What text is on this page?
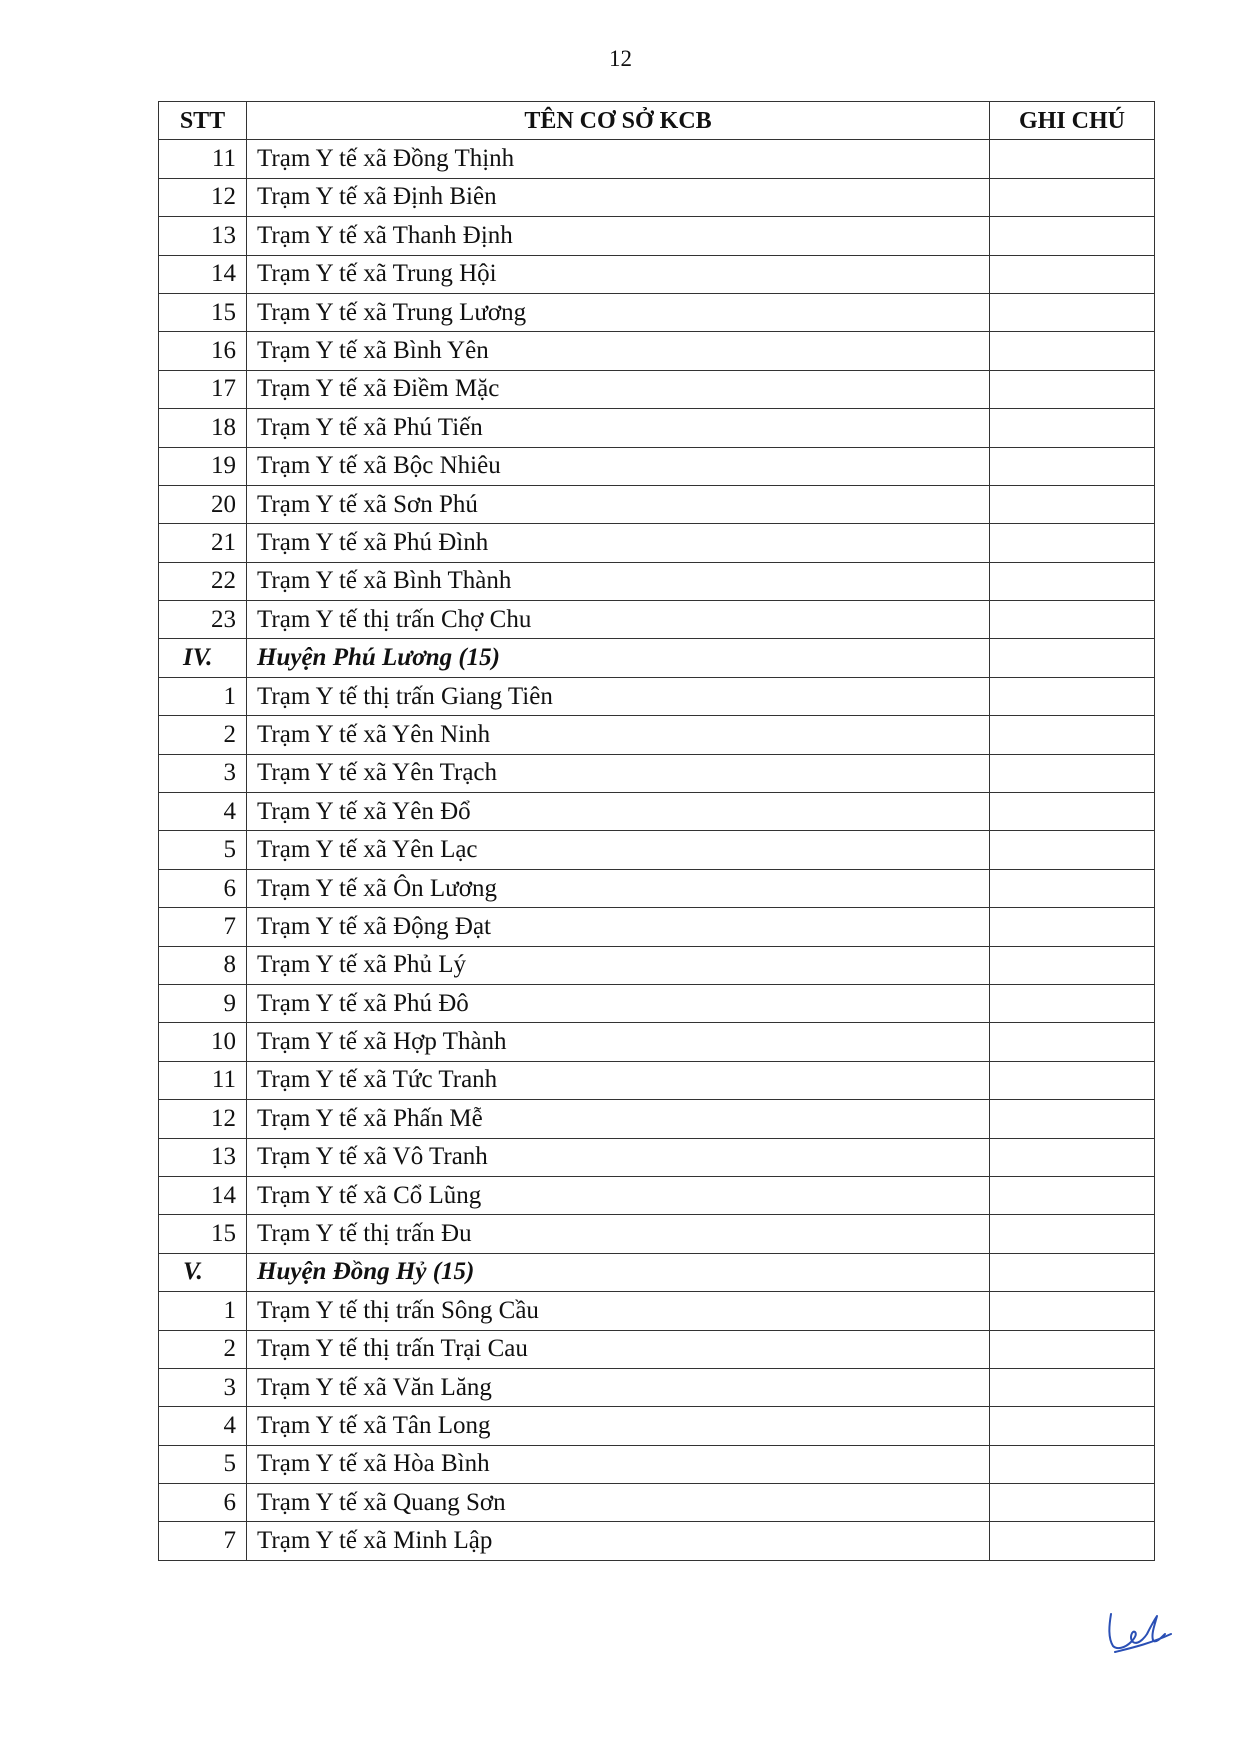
12
STT	TÊN CƠ SỞ KCB	GHI CHÚ
11	Trạm Y tế xã Đồng Thịnh	
12	Trạm Y tế xã Định Biên	
13	Trạm Y tế xã Thanh Định	
14	Trạm Y tế xã Trung Hội	
15	Trạm Y tế xã Trung Lương	
16	Trạm Y tế xã Bình Yên	
17	Trạm Y tế xã Điềm Mặc	
18	Trạm Y tế xã Phú Tiến	
19	Trạm Y tế xã Bộc Nhiêu	
20	Trạm Y tế xã Sơn Phú	
21	Trạm Y tế xã Phú Đình	
22	Trạm Y tế xã Bình Thành	
23	Trạm Y tế thị trấn Chợ Chu	
IV.	Huyện Phú Lương (15)	
1	Trạm Y tế thị trấn Giang Tiên	
2	Trạm Y tế xã Yên Ninh	
3	Trạm Y tế xã Yên Trạch	
4	Trạm Y tế xã Yên Đổ	
5	Trạm Y tế xã Yên Lạc	
6	Trạm Y tế xã Ôn Lương	
7	Trạm Y tế xã Động Đạt	
8	Trạm Y tế xã Phủ Lý	
9	Trạm Y tế xã Phú Đô	
10	Trạm Y tế xã Hợp Thành	
11	Trạm Y tế xã Tức Tranh	
12	Trạm Y tế xã Phấn Mễ	
13	Trạm Y tế xã Vô Tranh	
14	Trạm Y tế xã Cổ Lũng	
15	Trạm Y tế thị trấn Đu	
V.	Huyện Đồng Hỷ (15)	
1	Trạm Y tế thị trấn Sông Cầu	
2	Trạm Y tế thị trấn Trại Cau	
3	Trạm Y tế xã Văn Lăng	
4	Trạm Y tế xã Tân Long	
5	Trạm Y tế xã Hòa Bình	
6	Trạm Y tế xã Quang Sơn	
7	Trạm Y tế xã Minh Lập	
